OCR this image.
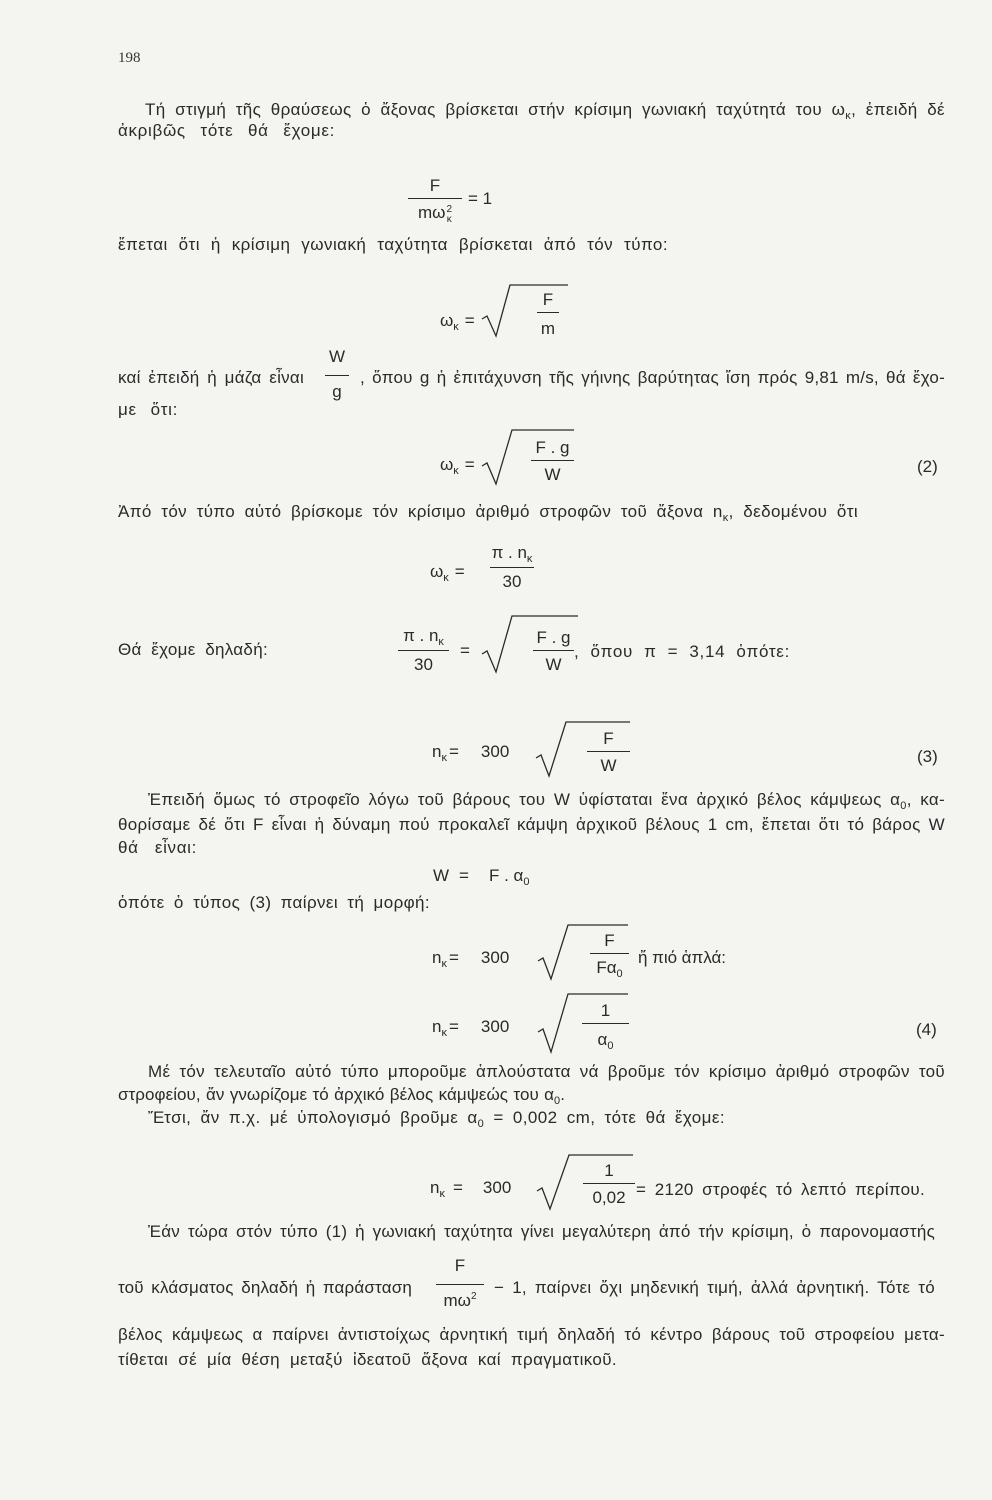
198
Τή στιγμή τῆς θραύσεως ὁ ἄξονας βρίσκεται στήν κρίσιμη γωνιακή ταχύτητά του $\omega_\kappa$, ἐπειδή δέ
ἀκριβῶς τότε θά ἔχομε:
F
mω 2
κ = 1
ἔπεται ὅτι ἡ κρίσιμη γωνιακή ταχύτητα βρίσκεται ἀπό τόν τύπο:
$\omega_\kappa$ =	$\frac{F}{m}$
καί ἐπειδή ἡ μάζα εἶναι $\frac{W}{g}$ , ὅπου g ἡ ἐπιτάχυνση τῆς γήινης βαρύτητας ἴση πρός 9,81 m/s, θά ἔχο-
με ὅτι:
$\omega_\kappa$ =	$\frac{F . g}{W}$	(2)
Ἀπό τόν τύπο αὐτό βρίσκομε τόν κρίσιμο ἀριθμό στροφῶν τοῦ ἄξονα $n_\kappa$, δεδομένου ὅτι
$\omega_\kappa = \frac{\pi . n_\kappa}{30}$
Θά ἔχομε δηλαδή:	$\frac{\pi . n_\kappa}{30}$ =	$\frac{F . g}{W}$ , ὅπου π = 3,14 ὁπότε:
$n_\kappa = 300$	$\frac{F}{W}$	(3)
Ἐπειδή ὅμως τό στροφεῖο λόγω τοῦ βάρους του W ὑφίσταται ἕνα ἀρχικό βέλος κάμψεως $\alpha_0$, κα-
θορίσαμε δέ ὅτι F εἶναι ἡ δύναμη πού προκαλεῖ κάμψη ἀρχικοῦ βέλους 1 cm, ἔπεται ὅτι τό βάρος W
θά εἶναι:
W = F . $\alpha_0$
ὁπότε ὁ τύπος (3) παίρνει τή μορφή:
$n_\kappa = 300$	$\frac{F}{F\alpha_0}$ ἤ πιό ἁπλά:
$n_\kappa = 300$	$\frac{1}{\alpha_0}$	(4)
Μέ τόν τελευταῖο αὐτό τύπο μποροῦμε ἁπλούστατα νά βροῦμε τόν κρίσιμο ἀριθμό στροφῶν τοῦ
στροφείου, ἄν γνωρίζομε τό ἀρχικό βέλος κάμψεώς του $\alpha_0$.
Ἔτσι, ἄν π.χ. μέ ὑπολογισμό βροῦμε $\alpha_0 = 0,002$ cm, τότε θά ἔχομε:
$n_\kappa = 300$	$\frac{1}{0,02} = 2120$ στροφές τό λεπτό περίπου.
Ἐάν τώρα στόν τύπο (1) ἡ γωνιακή ταχύτητα γίνει μεγαλύτερη ἀπό τήν κρίσιμη, ὁ παρονομαστής
τοῦ κλάσματος δηλαδή ἡ παράσταση $\frac{F}{m\omega^2} - 1$, παίρνει ὄχι μηδενική τιμή, ἀλλά ἀρνητική. Τότε τό
βέλος κάμψεως α παίρνει ἀντιστοίχως ἀρνητική τιμή δηλαδή τό κέντρο βάρους τοῦ στροφείου μετα-
τίθεται σέ μία θέση μεταξύ ἰδεατοῦ ἄξονα καί πραγματικοῦ.
